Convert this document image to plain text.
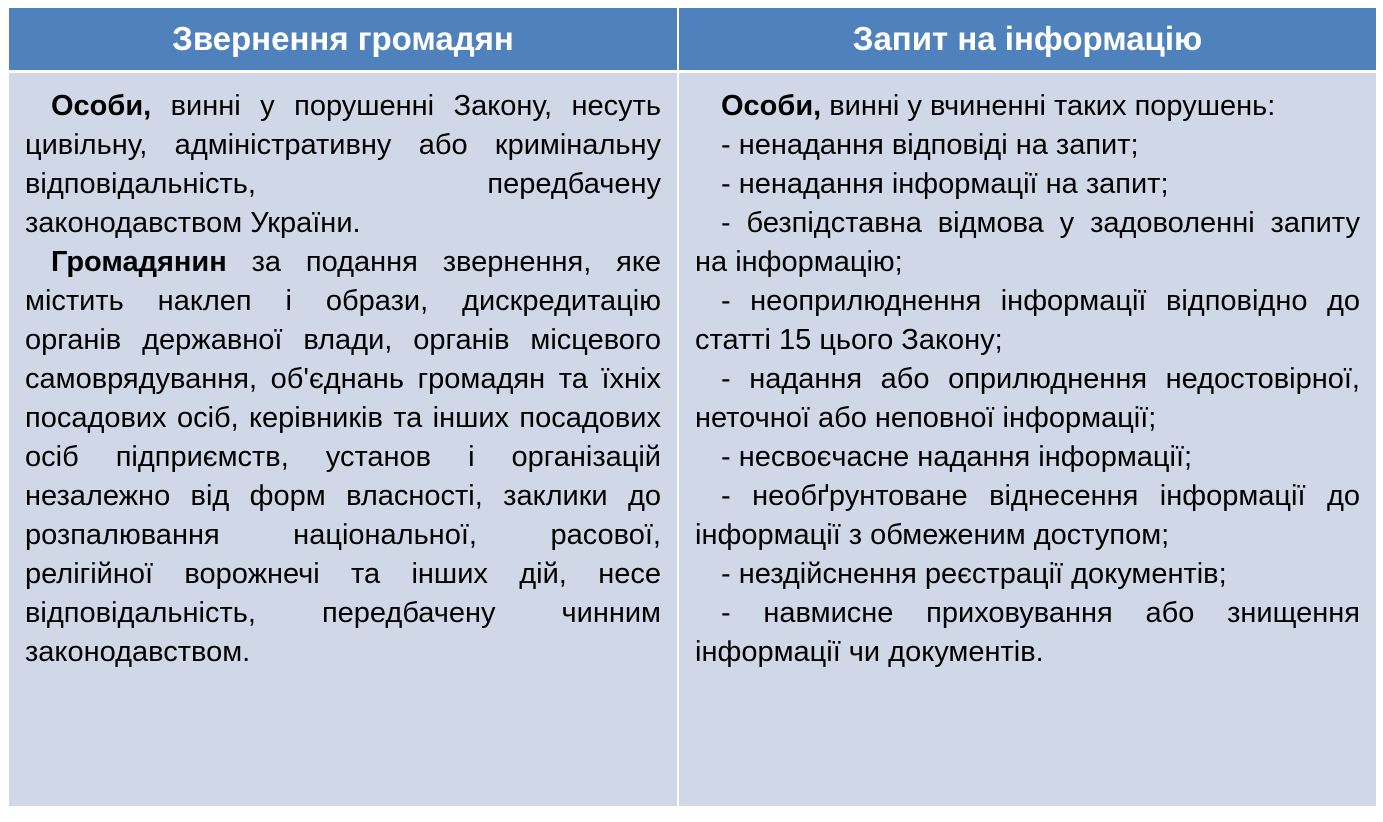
Звернення громадян	Запит на інформацію

Особи, винні у порушенні Закону, несуть цивільну, адміністративну або кримінальну відповідальність, передбачену законодавством України.

Громадянин за подання звернення, яке містить наклеп і образи, дискредитацію органів державної влади, органів місцевого самоврядування, об'єднань громадян та їхніх посадових осіб, керівників та інших посадових осіб підприємств, установ і організацій незалежно від форм власності, заклики до розпалювання національної, расової, релігійної ворожнечі та інших дій, несе відповідальність, передбачену чинним законодавством.

Особи, винні у вчиненні таких порушень:

- ненадання відповіді на запит;

- ненадання інформації на запит;

- безпідставна відмова у задоволенні запиту на інформацію;

- неоприлюднення інформації відповідно до статті 15 цього Закону;

- надання або оприлюднення недостовірної, неточної або неповної інформації;

- несвоєчасне надання інформації;

- необґрунтоване віднесення інформації до інформації з обмеженим доступом;

- нездійснення реєстрації документів;

- навмисне приховування або знищення інформації чи документів.
